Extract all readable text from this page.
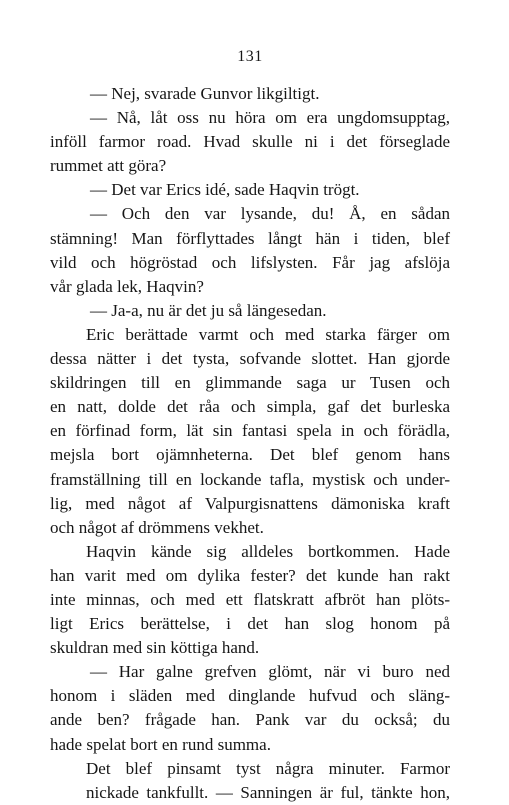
131
— Nej, svarade Gunvor likgiltigt.
— Nå, låt oss nu höra om era ungdomsupptag,
inföll farmor road. Hvad skulle ni i det förseglade
rummet att göra?
— Det var Erics idé, sade Haqvin trögt.
— Och den var lysande, du! Å, en sådan
stämning! Man förflyttades långt hän i tiden, blef
vild och högröstad och lifslysten. Får jag afslöja
vår glada lek, Haqvin?
— Ja-a, nu är det ju så längesedan.
Eric berättade varmt och med starka färger om
dessa nätter i det tysta, sofvande slottet. Han gjorde
skildringen till en glimmande saga ur Tusen och
en natt, dolde det råa och simpla, gaf det burleska
en förfinad form, lät sin fantasi spela in och förädla,
mejsla bort ojämnheterna. Det blef genom hans
framställning till en lockande tafla, mystisk och under-
lig, med något af Valpurgisnattens dämoniska kraft
och något af drömmens vekhet.
Haqvin kände sig alldeles bortkommen. Hade
han varit med om dylika fester? det kunde han rakt
inte minnas, och med ett flatskratt afbröt han plöts-
ligt Erics berättelse, i det han slog honom på
skuldran med sin köttiga hand.
— Har galne grefven glömt, när vi buro ned
honom i släden med dinglande hufvud och släng-
ande ben? frågade han. Pank var du också; du
hade spelat bort en rund summa.
Det blef pinsamt tyst några minuter. Farmor
nickade tankfullt. — Sanningen är ful, tänkte hon,
